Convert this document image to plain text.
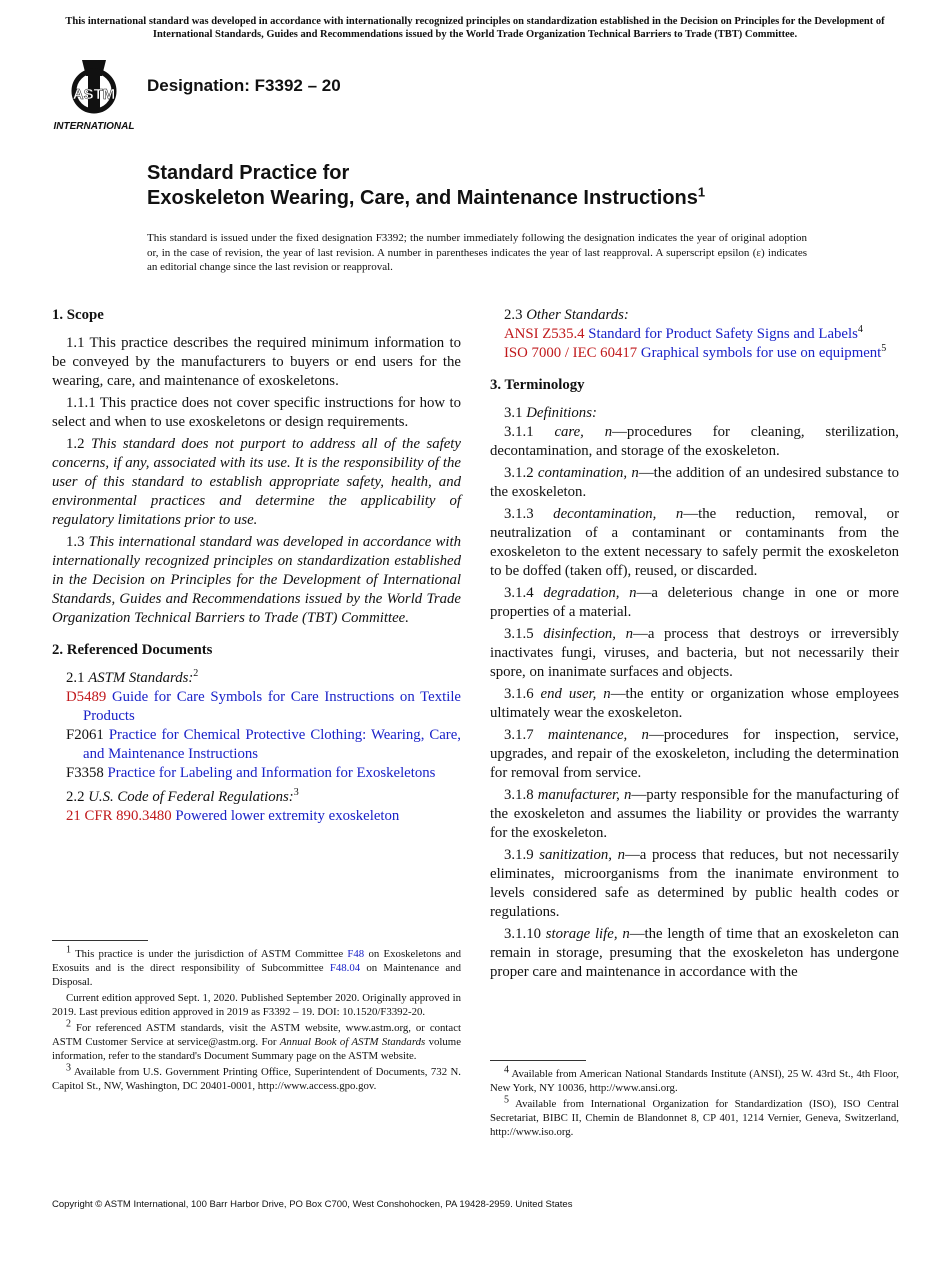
This international standard was developed in accordance with internationally recognized principles on standardization established in the Decision on Principles for the Development of International Standards, Guides and Recommendations issued by the World Trade Organization Technical Barriers to Trade (TBT) Committee.
ASTM
INTERNATIONAL
Designation: F3392 – 20
Standard Practice for
Exoskeleton Wearing, Care, and Maintenance Instructions$^1$
This standard is issued under the fixed designation F3392; the number immediately following the designation indicates the year of original adoption or, in the case of revision, the year of last revision. A number in parentheses indicates the year of last reapproval. A superscript epsilon (ε) indicates an editorial change since the last revision or reapproval.
1. Scope

1.1 This practice describes the required minimum information to be conveyed by the manufacturers to buyers or end users for the wearing, care, and maintenance of exoskeletons.

1.1.1 This practice does not cover specific instructions for how to select and when to use exoskeletons or design requirements.

1.2 This standard does not purport to address all of the safety concerns, if any, associated with its use. It is the responsibility of the user of this standard to establish appropriate safety, health, and environmental practices and determine the applicability of regulatory limitations prior to use.

1.3 This international standard was developed in accordance with internationally recognized principles on standardization established in the Decision on Principles for the Development of International Standards, Guides and Recommendations issued by the World Trade Organization Technical Barriers to Trade (TBT) Committee.

2. Referenced Documents

2.1 ASTM Standards:$^2$

D5489 Guide for Care Symbols for Care Instructions on Textile Products
F2061 Practice for Chemical Protective Clothing: Wearing, Care, and Maintenance Instructions
F3358 Practice for Labeling and Information for Exoskeletons

2.2 U.S. Code of Federal Regulations:$^3$

21 CFR 890.3480 Powered lower extremity exoskeleton

2.3 Other Standards:

ANSI Z535.4 Standard for Product Safety Signs and Labels$^4$
ISO 7000 / IEC 60417 Graphical symbols for use on equipment$^5$
3. Terminology

3.1 Definitions:

3.1.1 care, n—procedures for cleaning, sterilization, decontamination, and storage of the exoskeleton.

3.1.2 contamination, n—the addition of an undesired substance to the exoskeleton.

3.1.3 decontamination, n—the reduction, removal, or neutralization of a contaminant or contaminants from the exoskeleton to the extent necessary to safely permit the exoskeleton to be doffed (taken off), reused, or discarded.

3.1.4 degradation, n—a deleterious change in one or more properties of a material.

3.1.5 disinfection, n—a process that destroys or irreversibly inactivates fungi, viruses, and bacteria, but not necessarily their spore, on inanimate surfaces and objects.

3.1.6 end user, n—the entity or organization whose employees ultimately wear the exoskeleton.

3.1.7 maintenance, n—procedures for inspection, service, upgrades, and repair of the exoskeleton, including the determination for removal from service.

3.1.8 manufacturer, n—party responsible for the manufacturing of the exoskeleton and assumes the liability or provides the warranty for the exoskeleton.

3.1.9 sanitization, n—a process that reduces, but not necessarily eliminates, microorganisms from the inanimate environment to levels considered safe as determined by public health codes or regulations.

3.1.10 storage life, n—the length of time that an exoskeleton can remain in storage, presuming that the exoskeleton has undergone proper care and maintenance in accordance with the

$^1$ This practice is under the jurisdiction of ASTM Committee F48 on Exoskeletons and Exosuits and is the direct responsibility of Subcommittee F48.04 on Maintenance and Disposal.

Current edition approved Sept. 1, 2020. Published September 2020. Originally approved in 2019. Last previous edition approved in 2019 as F3392 – 19. DOI: 10.1520/F3392-20.

$^2$ For referenced ASTM standards, visit the ASTM website, www.astm.org, or contact ASTM Customer Service at service@astm.org. For Annual Book of ASTM Standards volume information, refer to the standard's Document Summary page on the ASTM website.

$^3$ Available from U.S. Government Printing Office, Superintendent of Documents, 732 N. Capitol St., NW, Washington, DC 20401-0001, http://www.access.gpo.gov.

$^4$ Available from American National Standards Institute (ANSI), 25 W. 43rd St., 4th Floor, New York, NY 10036, http://www.ansi.org.

$^5$ Available from International Organization for Standardization (ISO), ISO Central Secretariat, BIBC II, Chemin de Blandonnet 8, CP 401, 1214 Vernier, Geneva, Switzerland, http://www.iso.org.

Copyright © ASTM International, 100 Barr Harbor Drive, PO Box C700, West Conshohocken, PA 19428-2959. United States
